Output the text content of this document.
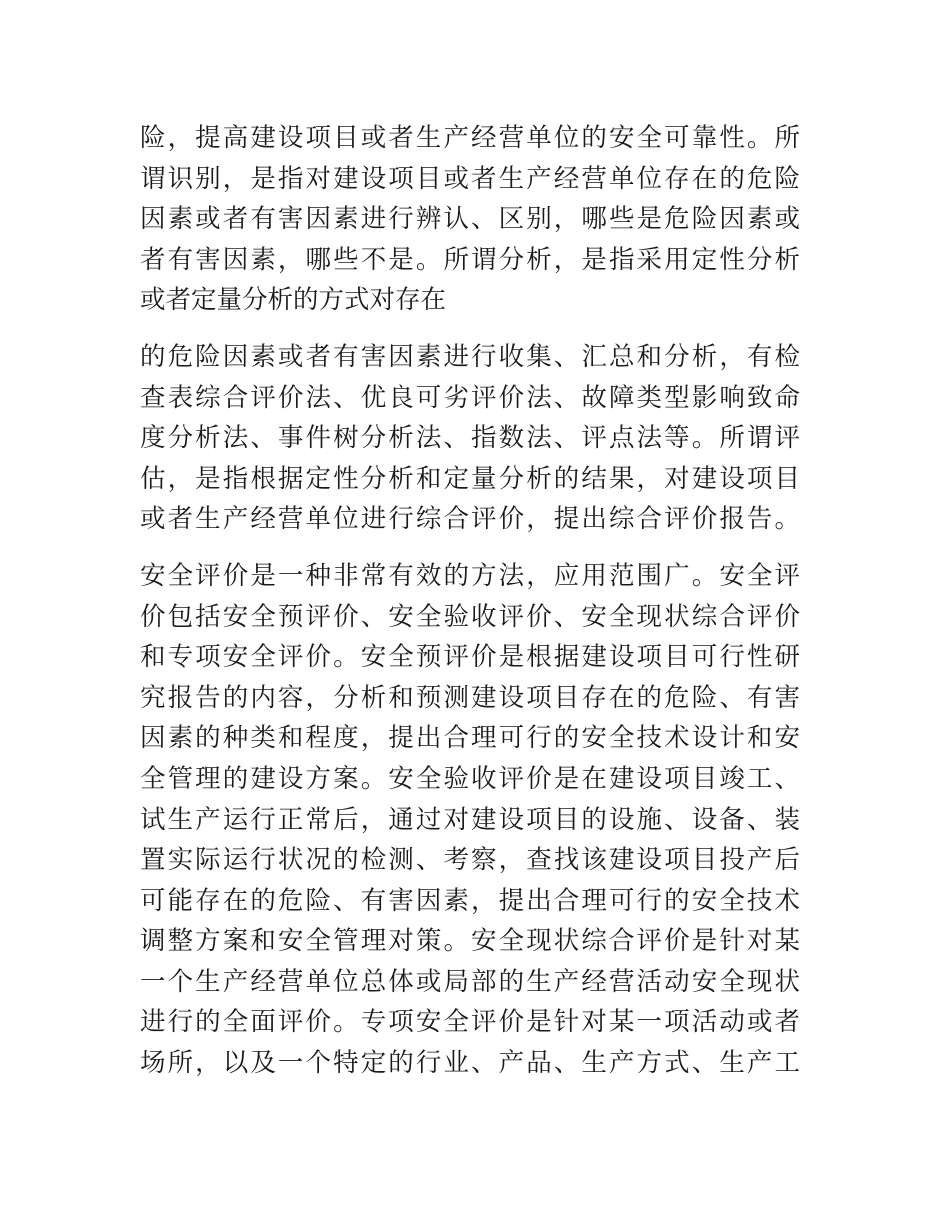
险，提高建设项目或者生产经营单位的安全可靠性。所
谓识别，是指对建设项目或者生产经营单位存在的危险
因素或者有害因素进行辨认、区别，哪些是危险因素或
者有害因素，哪些不是。所谓分析，是指采用定性分析
或者定量分析的方式对存在
的危险因素或者有害因素进行收集、汇总和分析，有检
查表综合评价法、优良可劣评价法、故障类型影响致命
度分析法、事件树分析法、指数法、评点法等。所谓评
估，是指根据定性分析和定量分析的结果，对建设项目
或者生产经营单位进行综合评价，提出综合评价报告。
安全评价是一种非常有效的方法，应用范围广。安全评
价包括安全预评价、安全验收评价、安全现状综合评价
和专项安全评价。安全预评价是根据建设项目可行性研
究报告的内容，分析和预测建设项目存在的危险、有害
因素的种类和程度，提出合理可行的安全技术设计和安
全管理的建设方案。安全验收评价是在建设项目竣工、
试生产运行正常后，通过对建设项目的设施、设备、装
置实际运行状况的检测、考察，查找该建设项目投产后
可能存在的危险、有害因素，提出合理可行的安全技术
调整方案和安全管理对策。安全现状综合评价是针对某
一个生产经营单位总体或局部的生产经营活动安全现状
进行的全面评价。专项安全评价是针对某一项活动或者
场所，以及一个特定的行业、产品、生产方式、生产工
